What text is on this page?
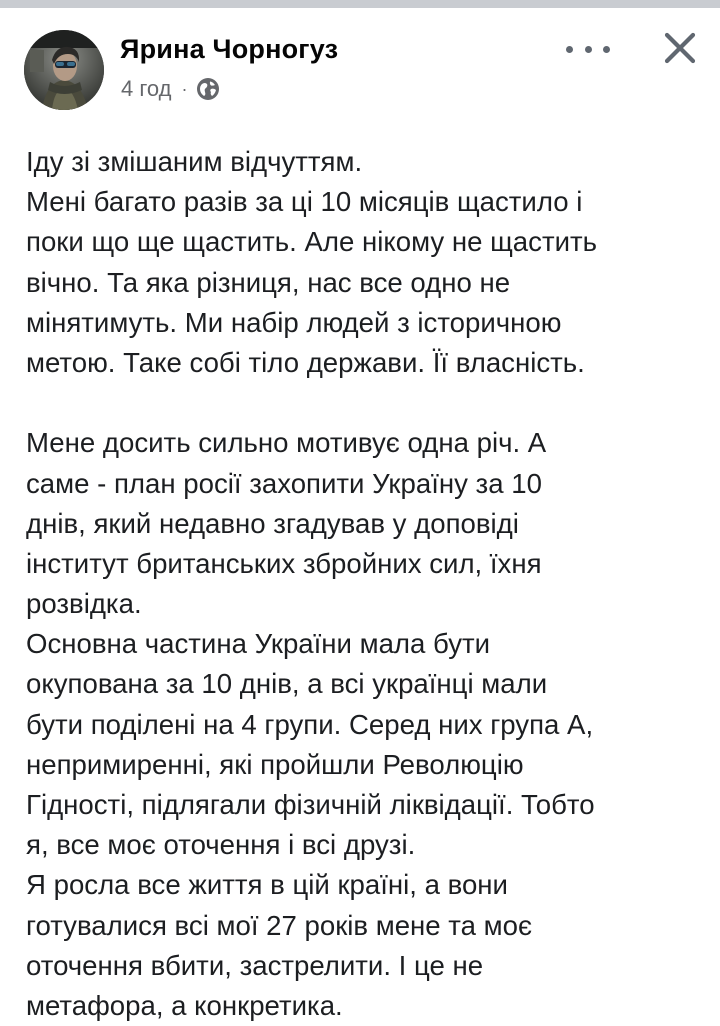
Ярина Чорногуз
4 год ·
Іду зі змішаним відчуттям.
Мені багато разів за ці 10 місяців щастило і
поки що ще щастить. Але нікому не щастить
вічно. Та яка різниця, нас все одно не
мінятимуть. Ми набір людей з історичною
метою. Таке собі тіло держави. Її власність.
Мене досить сильно мотивує одна річ. А
саме - план росії захопити Україну за 10
днів, який недавно згадував у доповіді
інститут британських збройних сил, їхня
розвідка.
Основна частина України мала бути
окупована за 10 днів, а всі українці мали
бути поділені на 4 групи. Серед них група А,
непримиренні, які пройшли Революцію
Гідності, підлягали фізичній ліквідації. Тобто
я, все моє оточення і всі друзі.
Я росла все життя в цій країні, а вони
готувалися всі мої 27 років мене та моє
оточення вбити, застрелити. І це не
метафора, а конкретика.
